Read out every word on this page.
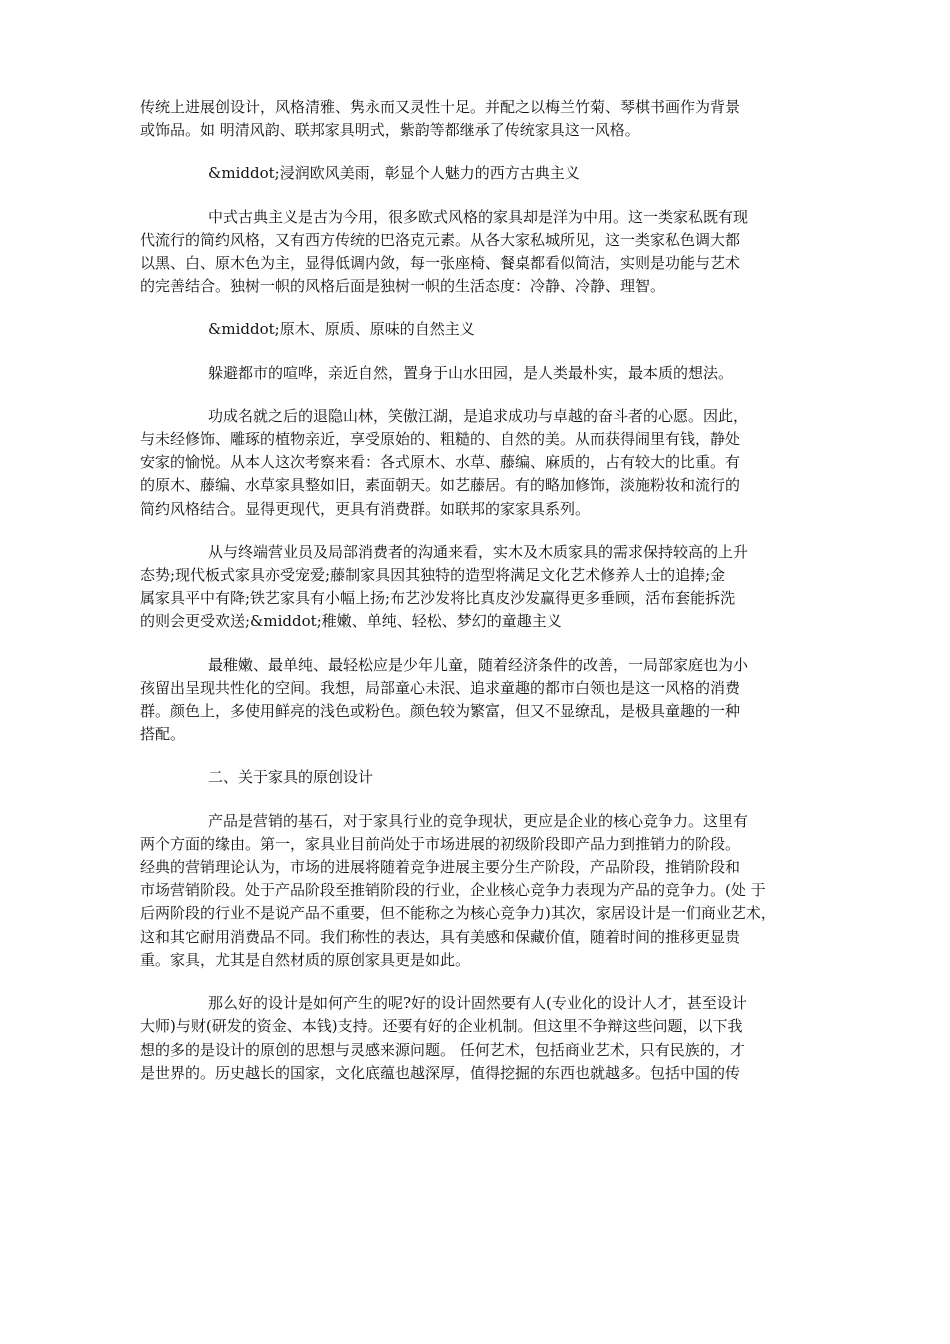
传统上进展创设计，风格清雅、隽永而又灵性十足。并配之以梅兰竹菊、琴棋书画作为背景
或饰品。如 明清风韵、联邦家具明式，紫韵等都继承了传统家具这一风格。

&middot;浸润欧风美雨，彰显个人魅力的西方古典主义

中式古典主义是古为今用，很多欧式风格的家具却是洋为中用。这一类家私既有现
代流行的简约风格，又有西方传统的巴洛克元素。从各大家私城所见，这一类家私色调大都
以黑、白、原木色为主，显得低调内敛，每一张座椅、餐桌都看似简洁，实则是功能与艺术
的完善结合。独树一帜的风格后面是独树一帜的生活态度：冷静、冷静、理智。

&middot;原木、原质、原味的自然主义

躲避都市的喧哗，亲近自然，置身于山水田园，是人类最朴实，最本质的想法。

功成名就之后的退隐山林，笑傲江湖，是追求成功与卓越的奋斗者的心愿。因此，
与未经修饰、雕琢的植物亲近，享受原始的、粗糙的、自然的美。从而获得闹里有钱，静处
安家的愉悦。从本人这次考察来看：各式原木、水草、藤编、麻质的，占有较大的比重。有
的原木、藤编、水草家具整如旧，素面朝天。如艺藤居。有的略加修饰，淡施粉妆和流行的
简约风格结合。显得更现代，更具有消费群。如联邦的家家具系列。

从与终端营业员及局部消费者的沟通来看，实木及木质家具的需求保持较高的上升
态势;现代板式家具亦受宠爱;藤制家具因其独特的造型将满足文化艺术修养人士的追捧;金
属家具平中有降;铁艺家具有小幅上扬;布艺沙发将比真皮沙发赢得更多垂顾，活布套能拆洗
的则会更受欢送;&middot;稚嫩、单纯、轻松、梦幻的童趣主义

最稚嫩、最单纯、最轻松应是少年儿童，随着经济条件的改善，一局部家庭也为小
孩留出呈现共性化的空间。我想，局部童心未泯、追求童趣的都市白领也是这一风格的消费
群。颜色上，多使用鲜亮的浅色或粉色。颜色较为繁富，但又不显缭乱，是极具童趣的一种
搭配。

二、关于家具的原创设计

产品是营销的基石，对于家具行业的竞争现状，更应是企业的核心竞争力。这里有
两个方面的缘由。第一，家具业目前尚处于市场进展的初级阶段即产品力到推销力的阶段。
经典的营销理论认为，市场的进展将随着竞争进展主要分生产阶段，产品阶段，推销阶段和
市场营销阶段。处于产品阶段至推销阶段的行业，企业核心竞争力表现为产品的竞争力。(处 于
后两阶段的行业不是说产品不重要，但不能称之为核心竞争力)其次，家居设计是一们商业艺术，
这和其它耐用消费品不同。我们称性的表达，具有美感和保藏价值，随着时间的推移更显贵
重。家具，尤其是自然材质的原创家具更是如此。

那么好的设计是如何产生的呢?好的设计固然要有人(专业化的设计人才，甚至设计
大师)与财(研发的资金、本钱)支持。还要有好的企业机制。但这里不争辩这些问题，以下我
想的多的是设计的原创的思想与灵感来源问题。 任何艺术，包括商业艺术，只有民族的，才
是世界的。历史越长的国家，文化底蕴也越深厚，值得挖掘的东西也就越多。包括中国的传
